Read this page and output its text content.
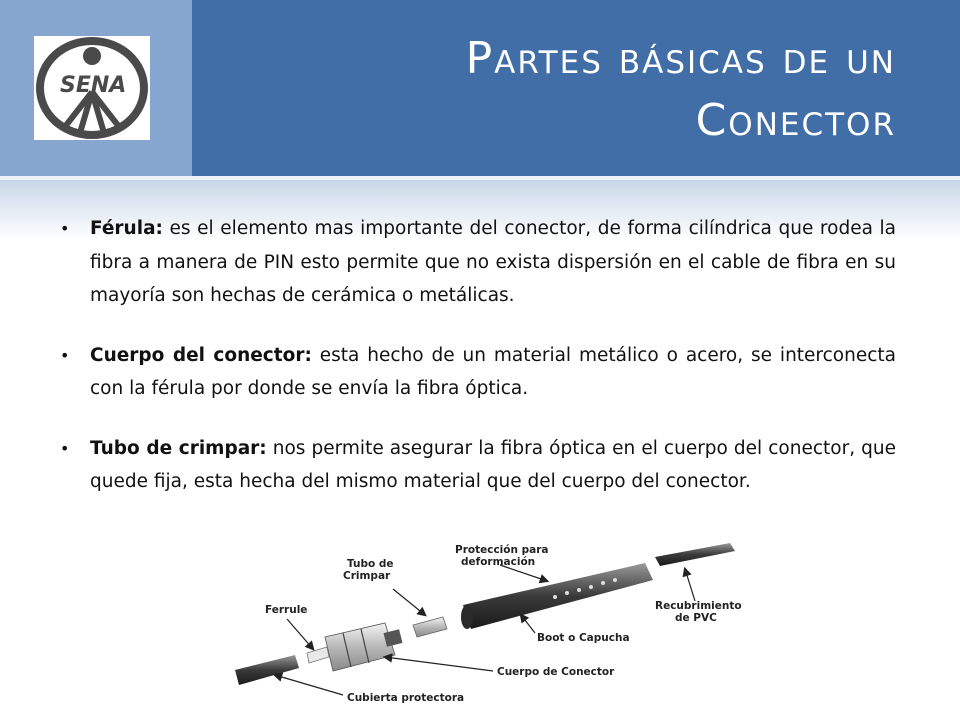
SENA
Partes básicas de un
Conector
• Férula: es el elemento mas importante del conector, de forma cilíndrica que rodea la fibra a manera de PIN esto permite que no exista dispersión en el cable de fibra en su mayoría son hechas de cerámica o metálicas.
• Cuerpo del conector: esta hecho de un material metálico o acero, se interconecta con la férula por donde se envía la fibra óptica.
• Tubo de crimpar: nos permite asegurar la fibra óptica en el cuerpo del conector, que quede fija, esta hecha del mismo material que del cuerpo del conector.
Protección para
deformación
Tubo de
Crimpar
Ferrule	Recubrimiento
de PVC
Boot o Capucha
Cuerpo de Conector
Cubierta protectora
